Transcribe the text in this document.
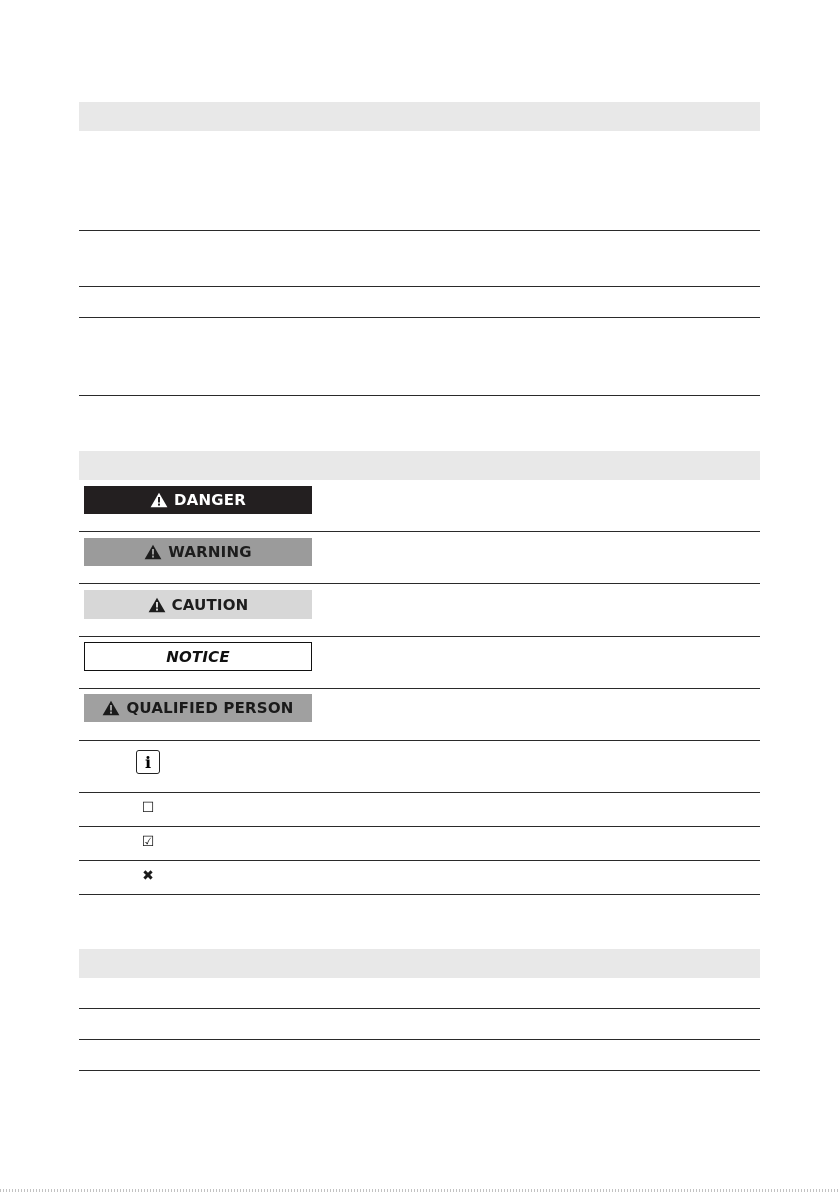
DANGER
WARNING
CAUTION
NOTICE
QUALIFIED PERSON
i
☐
☑
✖
